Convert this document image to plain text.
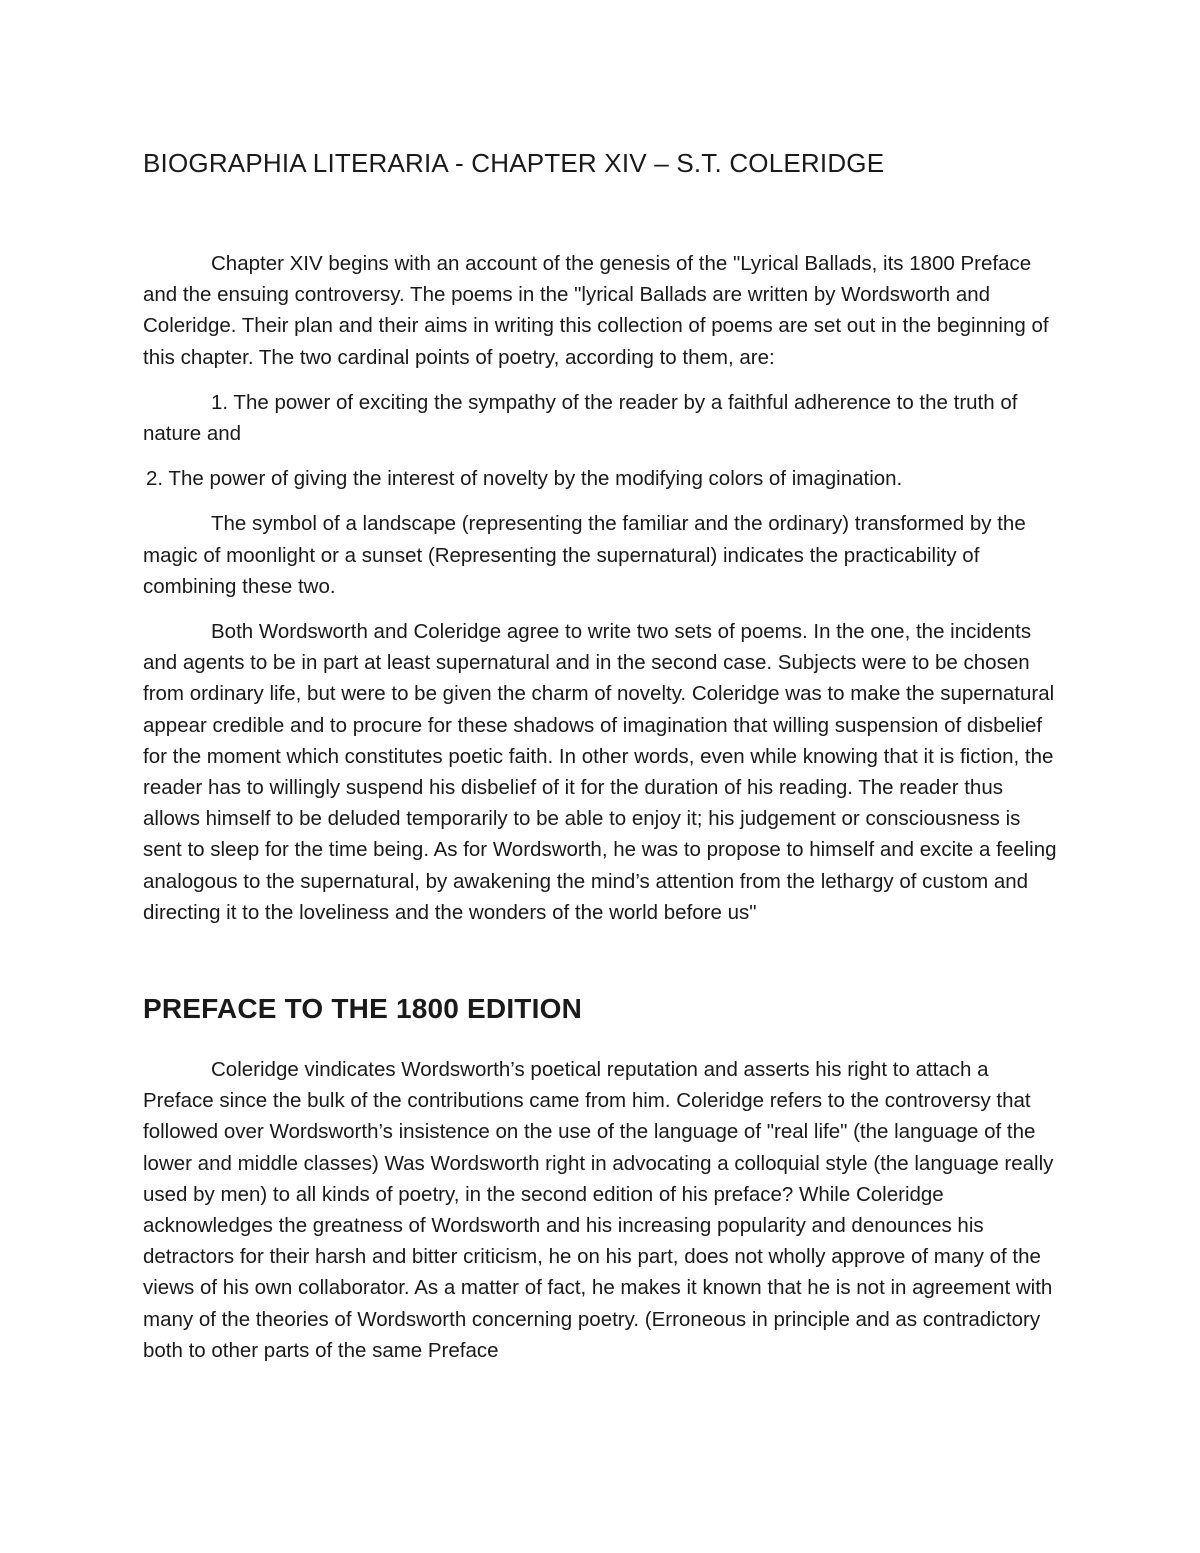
BIOGRAPHIA LITERARIA - CHAPTER XIV – S.T. COLERIDGE

Chapter XIV begins with an account of the genesis of the "Lyrical Ballads, its 1800 Preface and the ensuing controversy. The poems in the "lyrical Ballads are written by Wordsworth and Coleridge. Their plan and their aims in writing this collection of poems are set out in the beginning of this chapter. The two cardinal points of poetry, according to them, are:

1. The power of exciting the sympathy of the reader by a faithful adherence to the truth of nature and

2. The power of giving the interest of novelty by the modifying colors of imagination.

The symbol of a landscape (representing the familiar and the ordinary) transformed by the magic of moonlight or a sunset (Representing the supernatural) indicates the practicability of combining these two.

Both Wordsworth and Coleridge agree to write two sets of poems. In the one, the incidents and agents to be in part at least supernatural and in the second case. Subjects were to be chosen from ordinary life, but were to be given the charm of novelty. Coleridge was to make the supernatural appear credible and to procure for these shadows of imagination that willing suspension of disbelief for the moment which constitutes poetic faith. In other words, even while knowing that it is fiction, the reader has to willingly suspend his disbelief of it for the duration of his reading. The reader thus allows himself to be deluded temporarily to be able to enjoy it; his judgement or consciousness is sent to sleep for the time being. As for Wordsworth, he was to propose to himself and excite a feeling analogous to the supernatural, by awakening the mind’s attention from the lethargy of custom and directing it to the loveliness and the wonders of the world before us"

PREFACE TO THE 1800 EDITION

Coleridge vindicates Wordsworth’s poetical reputation and asserts his right to attach a Preface since the bulk of the contributions came from him. Coleridge refers to the controversy that followed over Wordsworth’s insistence on the use of the language of "real life" (the language of the lower and middle classes) Was Wordsworth right in advocating a colloquial style (the language really used by men) to all kinds of poetry, in the second edition of his preface? While Coleridge acknowledges the greatness of Wordsworth and his increasing popularity and denounces his detractors for their harsh and bitter criticism, he on his part, does not wholly approve of many of the views of his own collaborator. As a matter of fact, he makes it known that he is not in agreement with many of the theories of Wordsworth concerning poetry. (Erroneous in principle and as contradictory both to other parts of the same Preface
